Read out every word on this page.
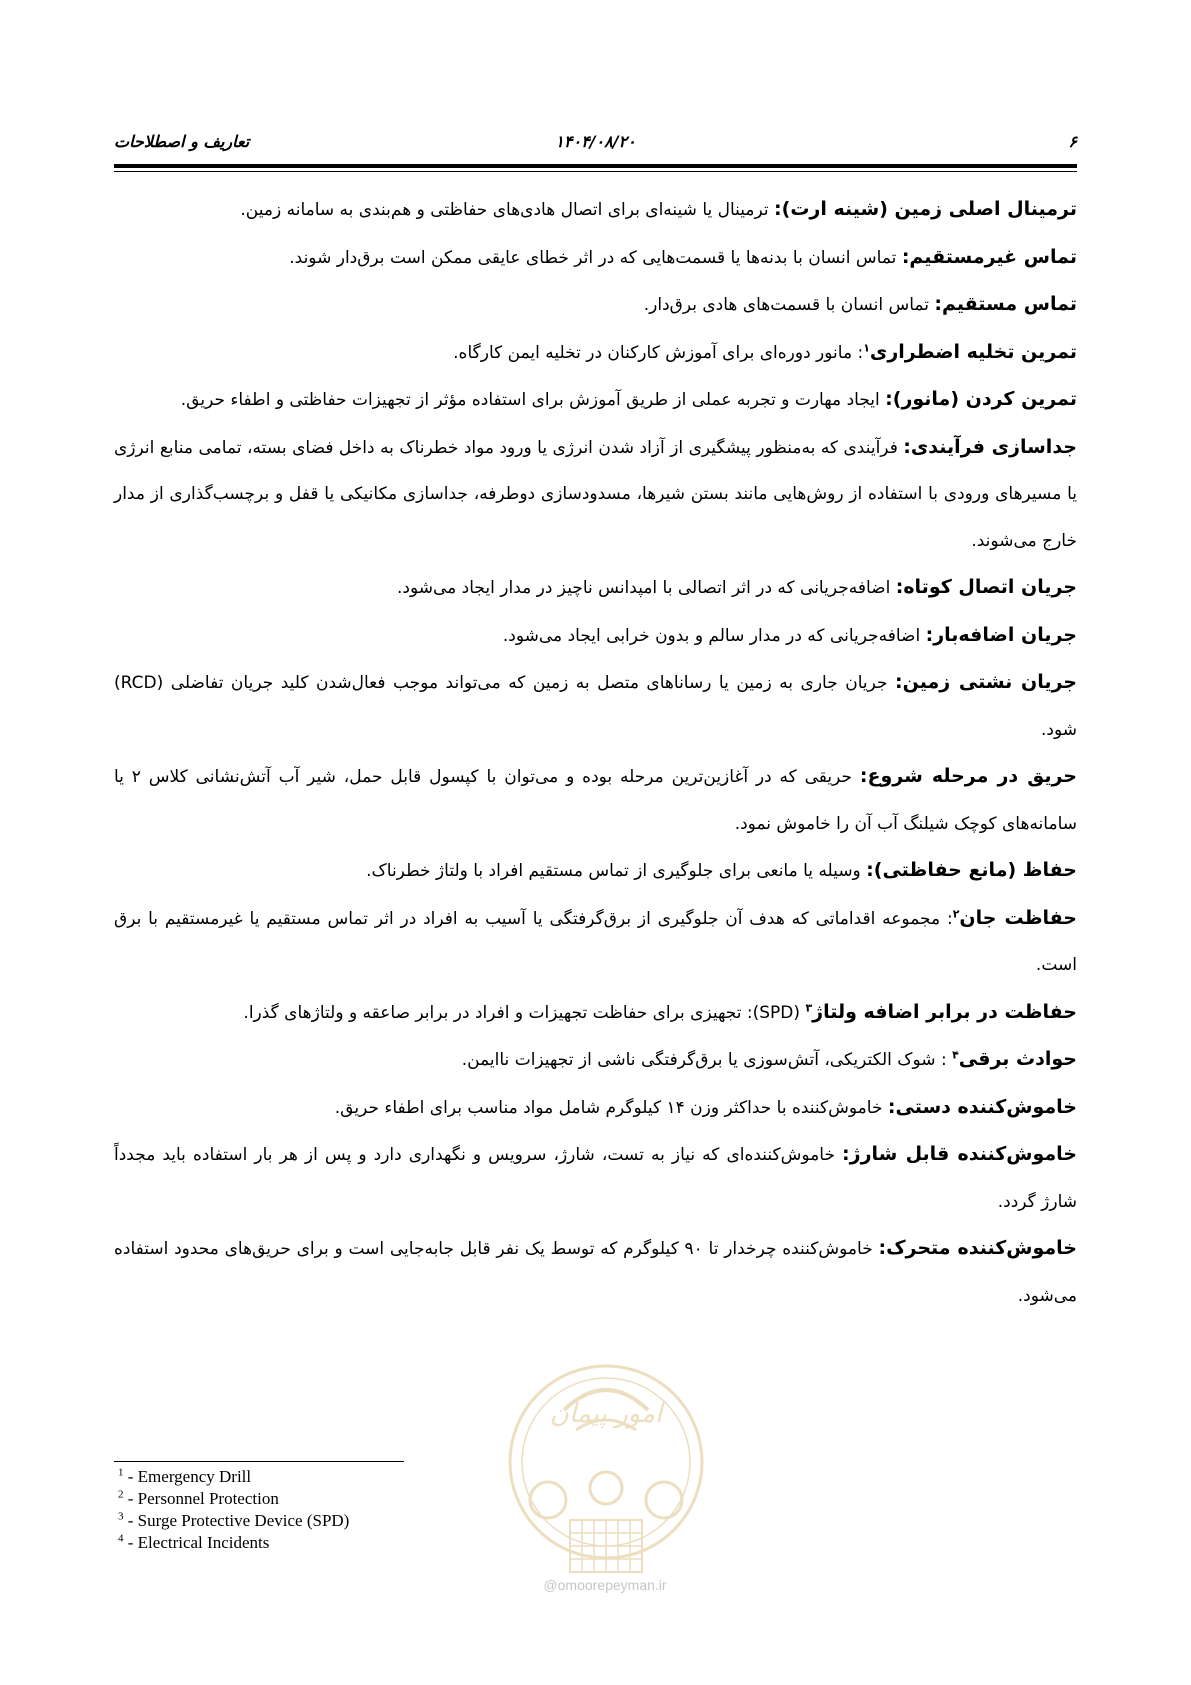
تعاریف و اصطلاحات	۱۴۰۴/۰۸/۲۰	۶

ترمینال اصلی زمین (شینه ارت): ترمینال یا شینه‌ای برای اتصال هادی‌های حفاظتی و هم‌بندی به سامانه زمین.

تماس غیرمستقیم: تماس انسان با بدنه‌ها یا قسمت‌هایی که در اثر خطای عایقی ممکن است برق‌دار شوند.

تماس مستقیم: تماس انسان با قسمت‌های هادی برق‌دار.

تمرین تخلیه اضطراری$^۱$: مانور دوره‌ای برای آموزش کارکنان در تخلیه ایمن کارگاه.

تمرین کردن (مانور): ایجاد مهارت و تجربه عملی از طریق آموزش برای استفاده مؤثر از تجهیزات حفاظتی و اطفاء حریق.

جداسازی فرآیندی: فرآیندی که به‌منظور پیشگیری از آزاد شدن انرژی یا ورود مواد خطرناک به داخل فضای بسته، تمامی منابع انرژی یا مسیرهای ورودی با استفاده از روش‌هایی مانند بستن شیرها، مسدودسازی دوطرفه، جداسازی مکانیکی یا قفل و برچسب‌گذاری از مدار خارج می‌شوند.

جریان اتصال کوتاه: اضافه‌جریانی که در اثر اتصالی با امپدانس ناچیز در مدار ایجاد می‌شود.

جریان اضافه‌بار: اضافه‌جریانی که در مدار سالم و بدون خرابی ایجاد می‌شود.

جریان نشتی زمین: جریان جاری به زمین یا رساناهای متصل به زمین که می‌تواند موجب فعال‌شدن کلید جریان تفاضلی (RCD) شود.

حریق در مرحله شروع: حریقی که در آغازین‌ترین مرحله بوده و می‌توان با کپسول قابل حمل، شیر آب آتش‌نشانی کلاس ۲ یا سامانه‌های کوچک شیلنگ آب آن را خاموش نمود.

حفاظ (مانع حفاظتی): وسیله یا مانعی برای جلوگیری از تماس مستقیم افراد با ولتاژ خطرناک.

حفاظت جان$^۲$: مجموعه اقداماتی که هدف آن جلوگیری از برق‌گرفتگی یا آسیب به افراد در اثر تماس مستقیم یا غیرمستقیم با برق است.

حفاظت در برابر اضافه ولتاژ$^۳$ (SPD): تجهیزی برای حفاظت تجهیزات و افراد در برابر صاعقه و ولتاژهای گذرا.

حوادث برقی$^۴$ : شوک الکتریکی، آتش‌سوزی یا برق‌گرفتگی ناشی از تجهیزات ناایمن.

خاموش‌کننده دستی: خاموش‌کننده با حداکثر وزن ۱۴ کیلوگرم شامل مواد مناسب برای اطفاء حریق.

خاموش‌کننده قابل شارژ: خاموش‌کننده‌ای که نیاز به تست، شارژ، سرویس و نگهداری دارد و پس از هر بار استفاده باید مجدداً شارژ گردد.

خاموش‌کننده متحرک: خاموش‌کننده چرخدار تا ۹۰ کیلوگرم که توسط یک نفر قابل جابه‌جایی است و برای حریق‌های محدود استفاده می‌شود.

امور پیمان
@omoorepeyman.ir
$^1$ - Emergency Drill
$^2$ - Personnel Protection
$^3$ - Surge Protective Device (SPD)
$^4$ - Electrical Incidents
